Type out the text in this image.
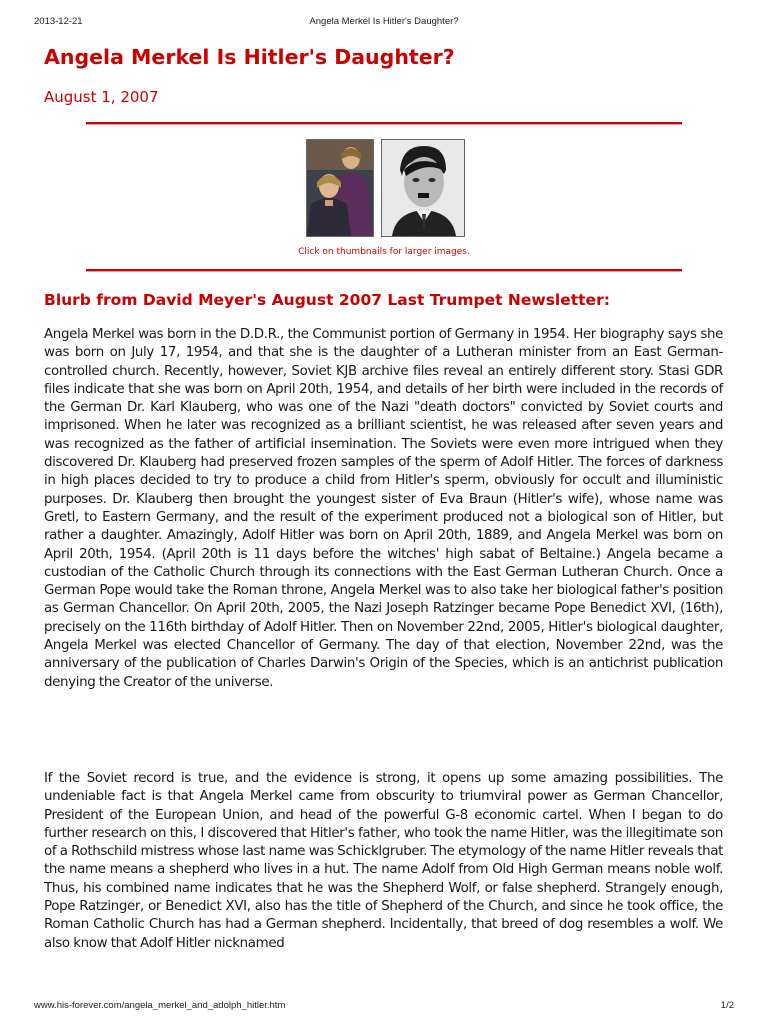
2013-12-21	Angela Merkel Is Hitler's Daughter?
Angela Merkel Is Hitler's Daughter?
August 1, 2007
Click on thumbnails for larger images.
Blurb from David Meyer's August 2007 Last Trumpet Newsletter:

Angela Merkel was born in the D.D.R., the Communist portion of Germany in 1954. Her biography says she was born on July 17, 1954, and that she is the daughter of a Lutheran minister from an East German-controlled church. Recently, however, Soviet KJB archive files reveal an entirely different story. Stasi GDR files indicate that she was born on April 20th, 1954, and details of her birth were included in the records of the German Dr. Karl Klauberg, who was one of the Nazi "death doctors" convicted by Soviet courts and imprisoned. When he later was recognized as a brilliant scientist, he was released after seven years and was recognized as the father of artificial insemination. The Soviets were even more intrigued when they discovered Dr. Klauberg had preserved frozen samples of the sperm of Adolf Hitler. The forces of darkness in high places decided to try to produce a child from Hitler's sperm, obviously for occult and illuministic purposes. Dr. Klauberg then brought the youngest sister of Eva Braun (Hitler's wife), whose name was Gretl, to Eastern Germany, and the result of the experiment produced not a biological son of Hitler, but rather a daughter. Amazingly, Adolf Hitler was born on April 20th, 1889, and Angela Merkel was born on April 20th, 1954. (April 20th is 11 days before the witches' high sabat of Beltaine.) Angela became a custodian of the Catholic Church through its connections with the East German Lutheran Church. Once a German Pope would take the Roman throne, Angela Merkel was to also take her biological father's position as German Chancellor. On April 20th, 2005, the Nazi Joseph Ratzinger became Pope Benedict XVI, (16th), precisely on the 116th birthday of Adolf Hitler. Then on November 22nd, 2005, Hitler's biological daughter, Angela Merkel was elected Chancellor of Germany. The day of that election, November 22nd, was the anniversary of the publication of Charles Darwin's Origin of the Species, which is an antichrist publication denying the Creator of the universe.

If the Soviet record is true, and the evidence is strong, it opens up some amazing possibilities. The undeniable fact is that Angela Merkel came from obscurity to triumviral power as German Chancellor, President of the European Union, and head of the powerful G-8 economic cartel. When I began to do further research on this, I discovered that Hitler's father, who took the name Hitler, was the illegitimate son of a Rothschild mistress whose last name was Schicklgruber. The etymology of the name Hitler reveals that the name means a shepherd who lives in a hut. The name Adolf from Old High German means noble wolf. Thus, his combined name indicates that he was the Shepherd Wolf, or false shepherd. Strangely enough, Pope Ratzinger, or Benedict XVI, also has the title of Shepherd of the Church, and since he took office, the Roman Catholic Church has had a German shepherd. Incidentally, that breed of dog resembles a wolf. We also know that Adolf Hitler nicknamed

www.his-forever.com/angela_merkel_and_adolph_hitler.htm	1/2
